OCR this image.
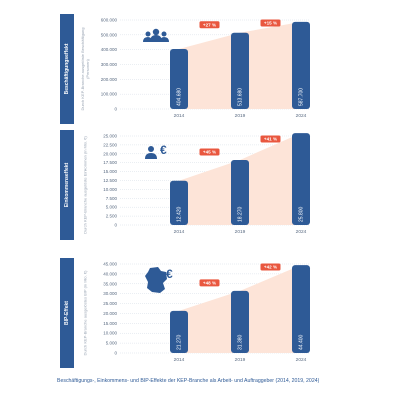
Beschäftigungseffekt	Durch KEP-Branche ausgelöste Beschäftigung (Personen)
600.000
500.000
400.000
300.000
200.000
100.000
0
404.680
2014
513.680
2019
587.700
2024
+27 %	+15 %
Einkommenseffekt	Durch KEP-Branche ausgelöste Einkommen (in Mio. €)
25.000
22.500
20.000
17.500
15.000
12.500
10.000
7.500
5.000
2.500
0
12.420
2014
18.270
2019
25.800
2024
+45 %
+41 %
€
BIP-Effekt	Durch KEP-Branche ausgelöstes BIP (in Mio. €)
45.000
40.000
35.000
30.000
25.000
20.000
15.000
10.000
5.000
0
21.270
2014
31.380
2019
44.400
2024
+48 %
+42 %
€
Beschäftigungs-, Einkommens- und BIP-Effekte der KEP-Branche als Arbeit- und Auftraggeber (2014, 2019, 2024)
